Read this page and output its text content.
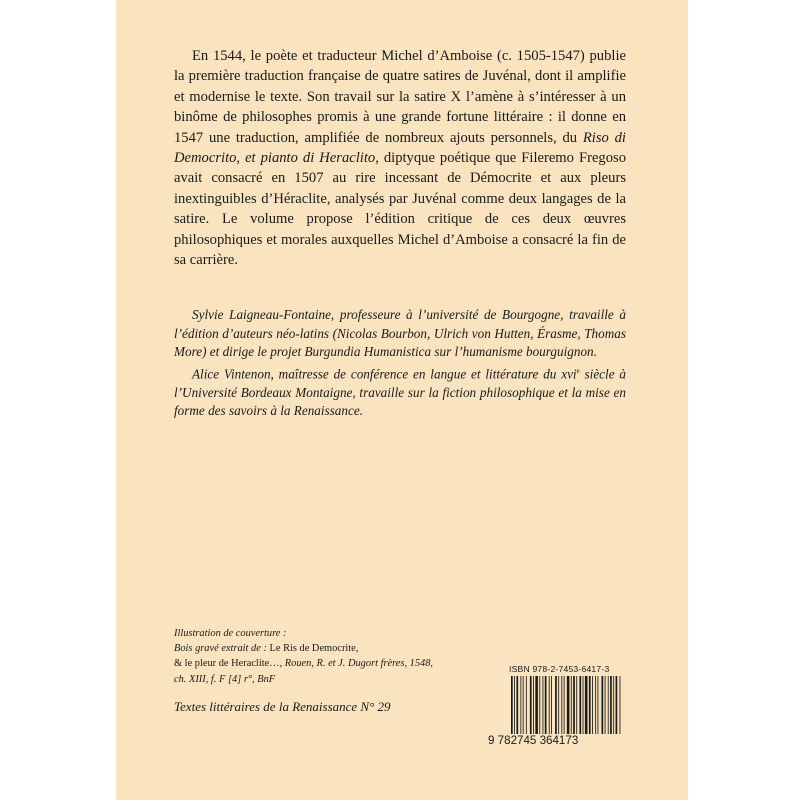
En 1544, le poète et traducteur Michel d’Amboise (c. 1505-1547) publie la première traduction française de quatre satires de Juvénal, dont il amplifie et modernise le texte. Son travail sur la satire X l’amène à s’intéresser à un binôme de philosophes promis à une grande fortune littéraire : il donne en 1547 une traduction, amplifiée de nombreux ajouts personnels, du Riso di Democrito, et pianto di Heraclito, diptyque poétique que Fileremo Fregoso avait consacré en 1507 au rire incessant de Démocrite et aux pleurs inextinguibles d’Héraclite, analysés par Juvénal comme deux langages de la satire. Le volume propose l’édition critique de ces deux œuvres philosophiques et morales auxquelles Michel d’Amboise a consacré la fin de sa carrière.

Sylvie Laigneau-Fontaine, professeure à l’université de Bourgogne, travaille à l’édition d’auteurs néo-latins (Nicolas Bourbon, Ulrich von Hutten, Érasme, Thomas More) et dirige le projet Burgundia Humanistica sur l’humanisme bourguignon.

Alice Vintenon, maîtresse de conférence en langue et littérature du xvi$^e$ siècle à l’Université Bordeaux Montaigne, travaille sur la fiction philosophique et la mise en forme des savoirs à la Renaissance.

Illustration de couverture :

Bois gravé extrait de : Le Ris de Democrite,

& le pleur de Heraclite…, Rouen, R. et J. Dugort frères, 1548,

ch. XIII, f. F [4] r°, BnF

Textes littéraires de la Renaissance N° 29
ISBN 978-2-7453-6417-3
9 782745 364173
